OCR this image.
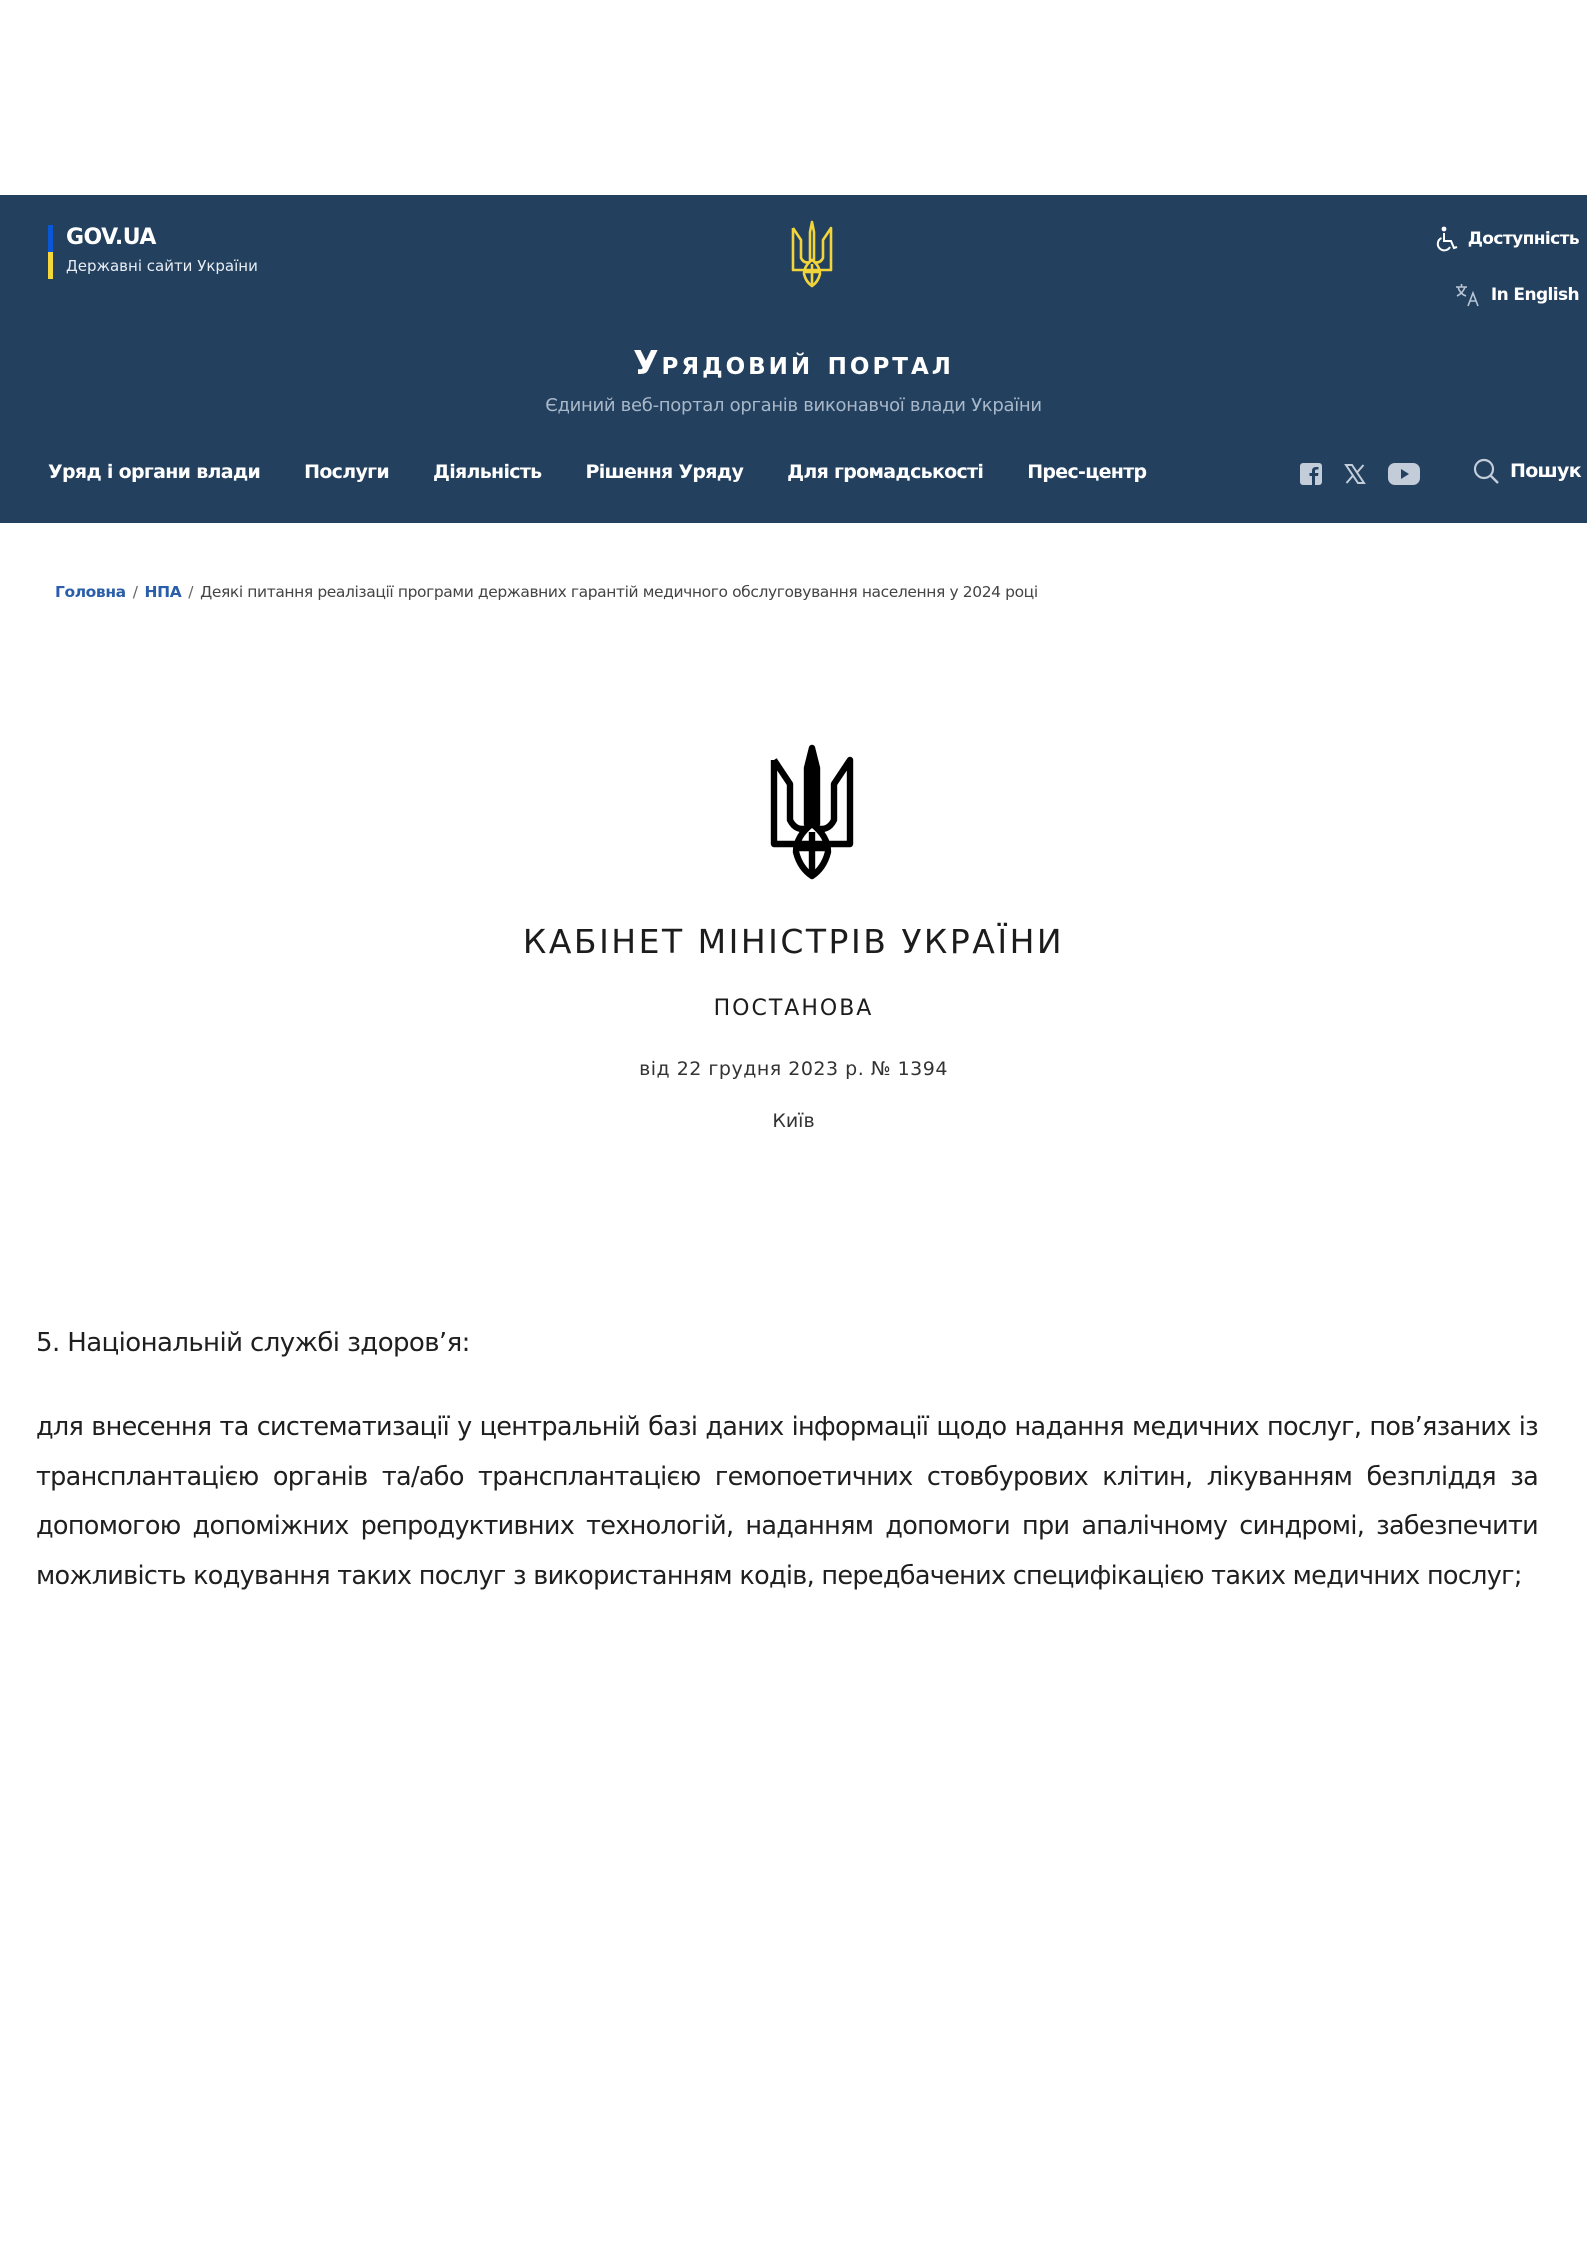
GOV.UA
Державні сайти України
Доступність
In English
Урядовий портал
Єдиний веб-портал органів виконавчої влади України
Уряд і органи влади Послуги Діяльність Рішення Уряду Для громадськості Прес-центр	Пошук
Головна / НПА / Деякі питання реалізації програми державних гарантій медичного обслуговування населення у 2024 році
КАБІНЕТ МІНІСТРІВ УКРАЇНИ
ПОСТАНОВА
від 22 грудня 2023 р. № 1394
Київ
5. Національній службі здоров’я:

для внесення та систематизації у центральній базі даних інформації щодо надання медичних послуг, пов’язаних із трансплантацією органів та/або трансплантацією гемопоетичних стовбурових клітин, лікуванням безпліддя за допомогою допоміжних репродуктивних технологій, наданням допомоги при апалічному синдромі, забезпечити можливість кодування таких послуг з використанням кодів, передбачених специфікацією таких медичних послуг;
